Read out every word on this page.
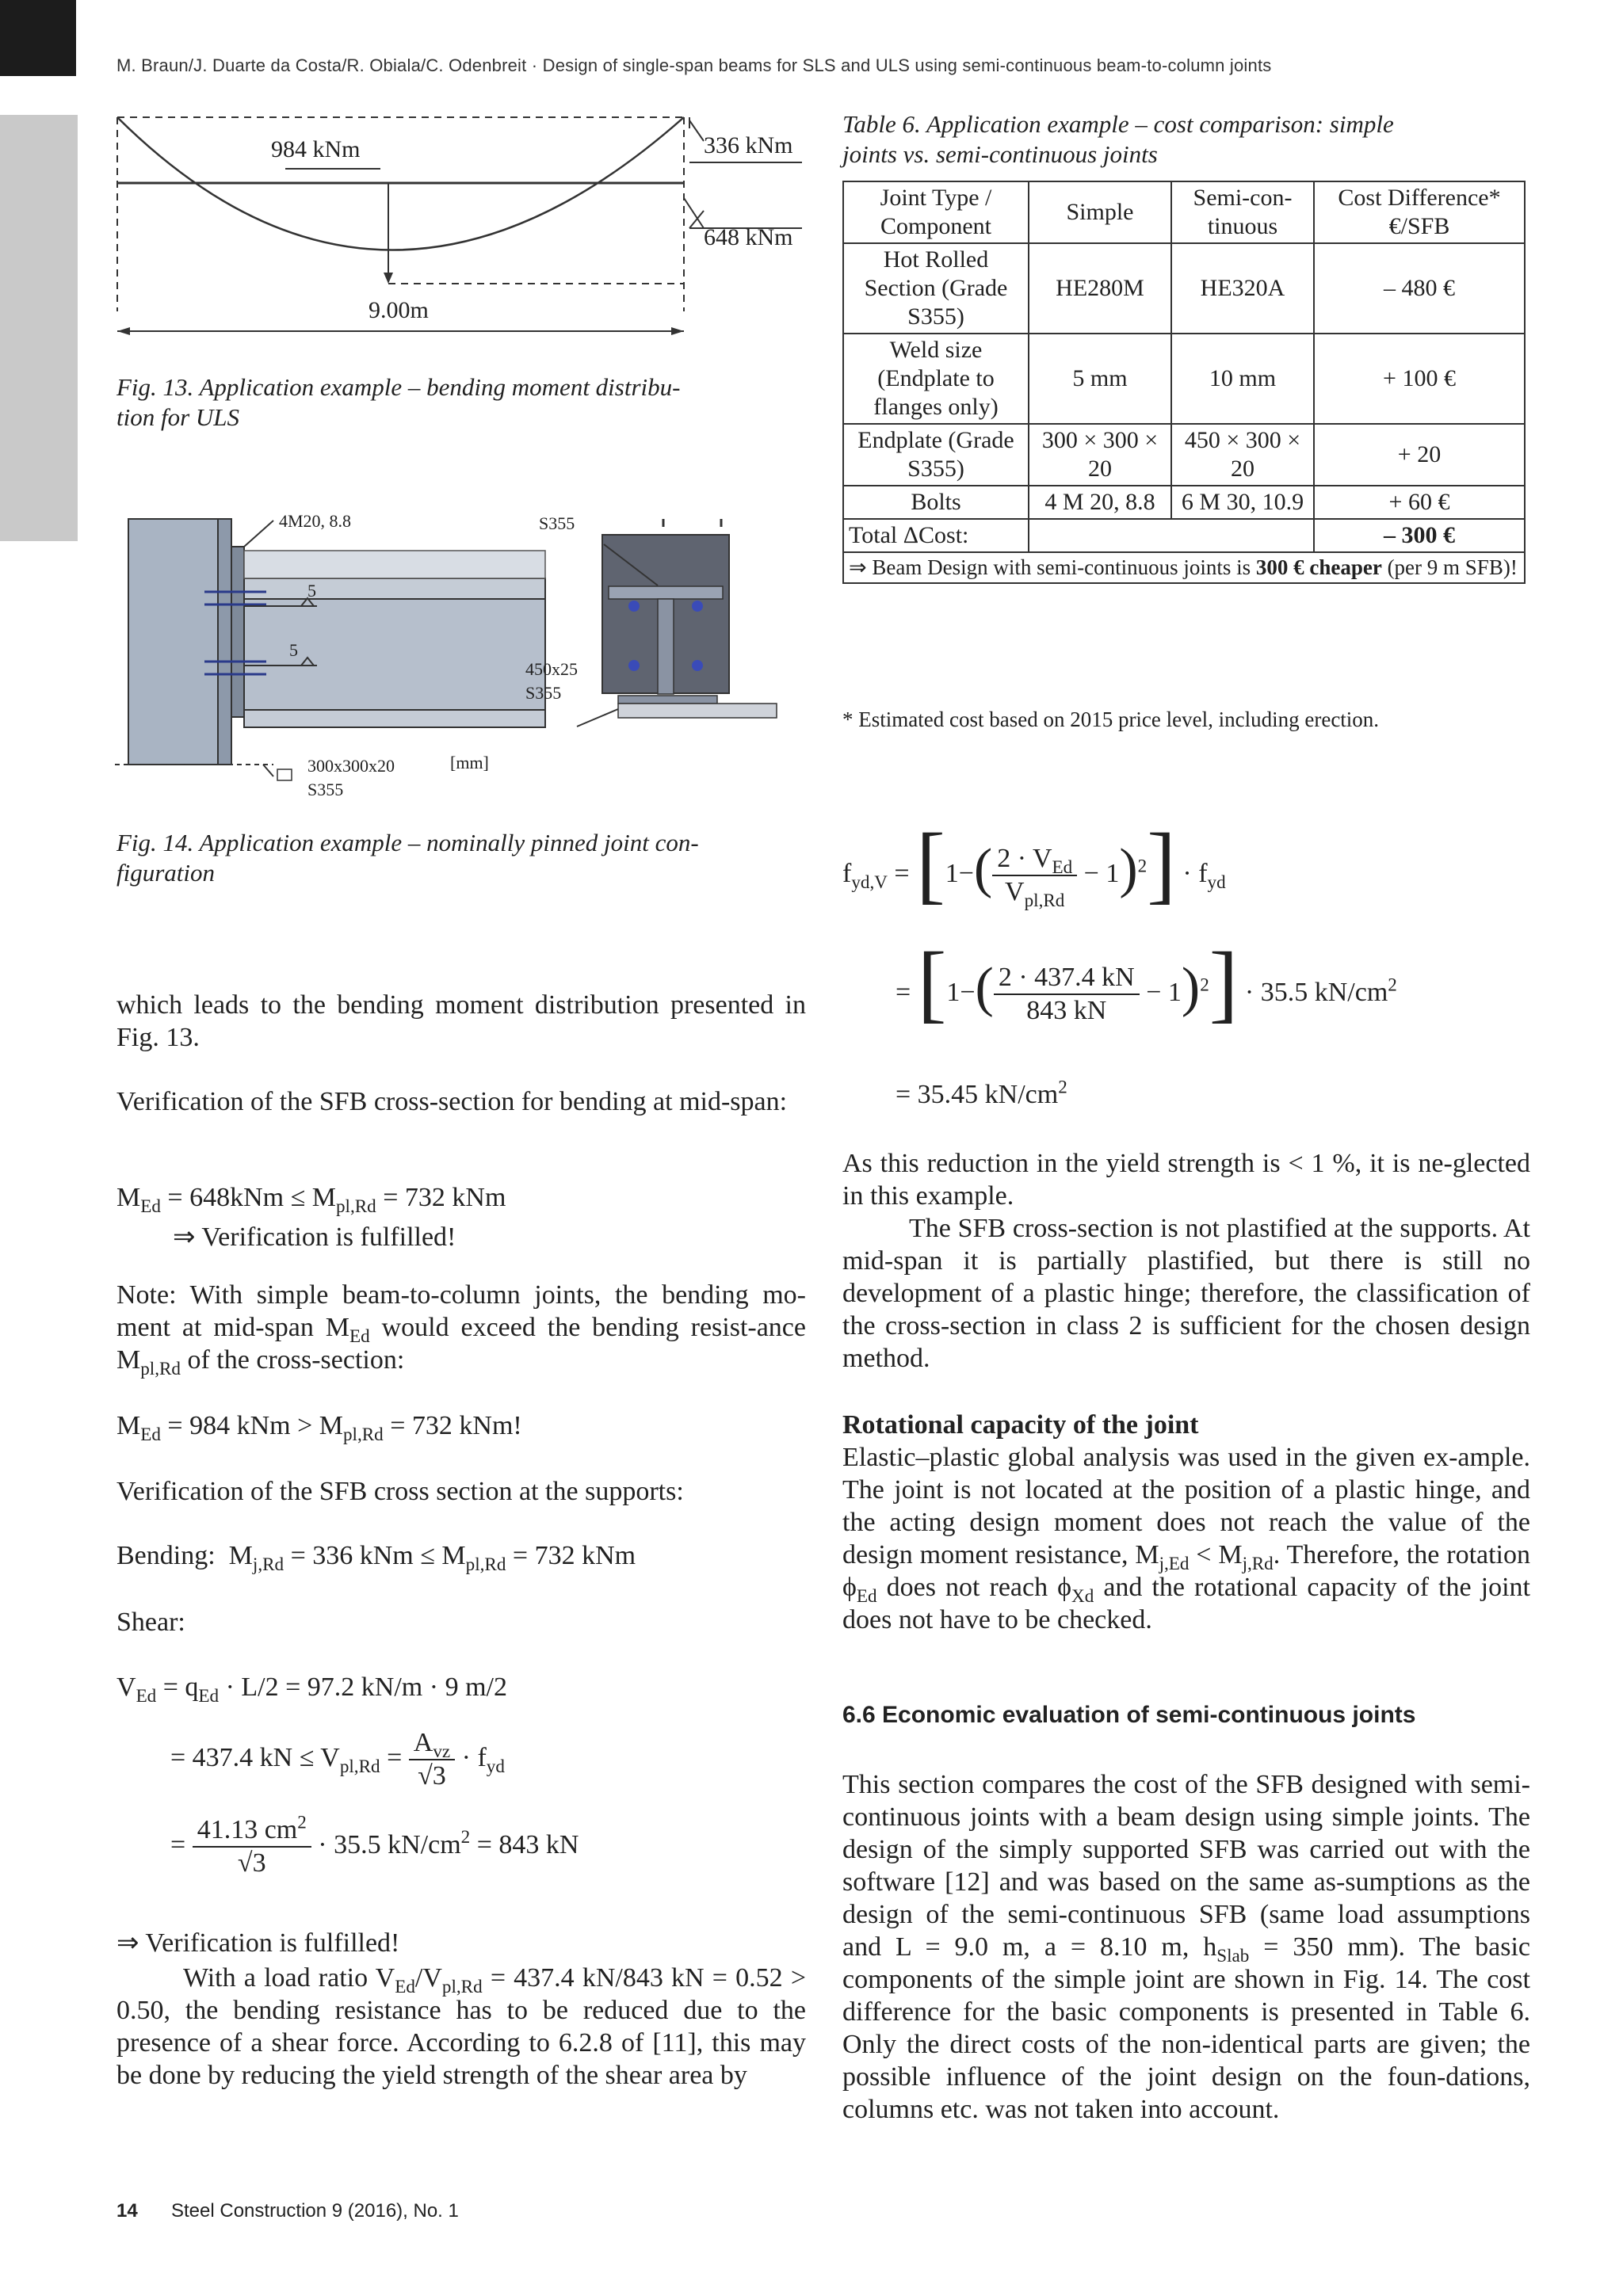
M. Braun/J. Duarte da Costa/R. Obiala/C. Odenbreit · Design of single-span beams for SLS and ULS using semi-continuous beam-to-column joints
984 kNm	336 kNm
648 kNm
9.00m
Fig. 13. Application example – bending moment distribu-
tion for ULS
4M20, 8.8	S355
5
5
450x25
S355
300x300x20
S355
[mm]
Fig. 14. Application example – nominally pinned joint con-
figuration
which leads to the bending moment distribution presented in Fig. 13.
Verification of the SFB cross-section for bending at mid-span:
$M_{Ed} = 648kNm \le M_{pl,Rd} = 732$ kNm
⇒ Verification is fulfilled!
Note: With simple beam-to-column joints, the bending mo-ment at mid-span $M_{Ed}$ would exceed the bending resist-ance $M_{pl,Rd}$ of the cross-section:
$M_{Ed} = 984$ kNm > $M_{pl,Rd} = 732$ kNm!
Verification of the SFB cross section at the supports:
Bending:  $M_{j,Rd} = 336$ kNm ≤ $M_{pl,Rd} = 732$ kNm
Shear:
$V_{Ed} = q_{Ed} \cdot L/2 = 97.2$ kN/m · 9 m/2
= 437.4 kN ≤ $V_{pl,Rd} = \frac{A_{vz}}{√3} \cdot f_{yd}$
= $\frac{41.13 cm^2}{√3} \cdot 35.5$ $kN/cm^2 = 843$ kN
⇒ Verification is fulfilled!
With a load ratio $V_{Ed}/V_{pl,Rd} = 437.4$ kN/843 kN = 0.52 > 0.50, the bending resistance has to be reduced due to the presence of a shear force. According to 6.2.8 of [11], this may be done by reducing the yield strength of the shear area by
Table 6. Application example – cost comparison: simple
joints vs. semi-continuous joints
Joint Type / Component	Simple	Semi-con- tinuous	Cost Difference* €/SFB
Hot Rolled Section (Grade S355)	HE280M	HE320A	– 480 €
Weld size (Endplate to flanges only)	5 mm	10 mm	+ 100 €
Endplate (Grade S355)	300 × 300 × 20	450 × 300 × 20	+ 20
Bolts	4 M 20, 8.8	6 M 30, 10.9	+ 60 €
Total ΔCost:			– 300 €
⇒ Beam Design with semi-continuous joints is 300 € cheaper (per 9 m SFB)!			
* Estimated cost based on 2015 price level, including erection.
$f_{yd,V} = [1-( \frac{2 \cdot V_{Ed}}{V_{pl,Rd}} - 1)^2] \cdot f_{yd}$
= $[1-( \frac{2 \cdot 437.4 kN}{843 kN} - 1)^2] \cdot 35.5$ $kN/cm^2$
= 35.45 $kN/cm^2$
As this reduction in the yield strength is < 1 %, it is ne-glected in this example.
The SFB cross-section is not plastified at the supports. At mid-span it is partially plastified, but there is still no development of a plastic hinge; therefore, the classification of the cross-section in class 2 is sufficient for the chosen design method.
Rotational capacity of the joint
Elastic–plastic global analysis was used in the given ex-ample. The joint is not located at the position of a plastic hinge, and the acting design moment does not reach the value of the design moment resistance, $M_{j,Ed} < M_{j,Rd}$. Therefore, the rotation $\phi_{Ed}$ does not reach $\phi_{Xd}$ and the rotational capacity of the joint does not have to be checked.
6.6 Economic evaluation of semi-continuous joints
This section compares the cost of the SFB designed with semi-continuous joints with a beam design using simple joints. The design of the simply supported SFB was carried out with the software [12] and was based on the same as-sumptions as the design of the semi-continuous SFB (same load assumptions and L = 9.0 m, a = 8.10 m, $h_{Slab} = 350$ mm). The basic components of the simple joint are shown in Fig. 14. The cost difference for the basic components is presented in Table 6. Only the direct costs of the non-identical parts are given; the possible influence of the joint design on the foun-dations, columns etc. was not taken into account.
14 Steel Construction 9 (2016), No. 1
